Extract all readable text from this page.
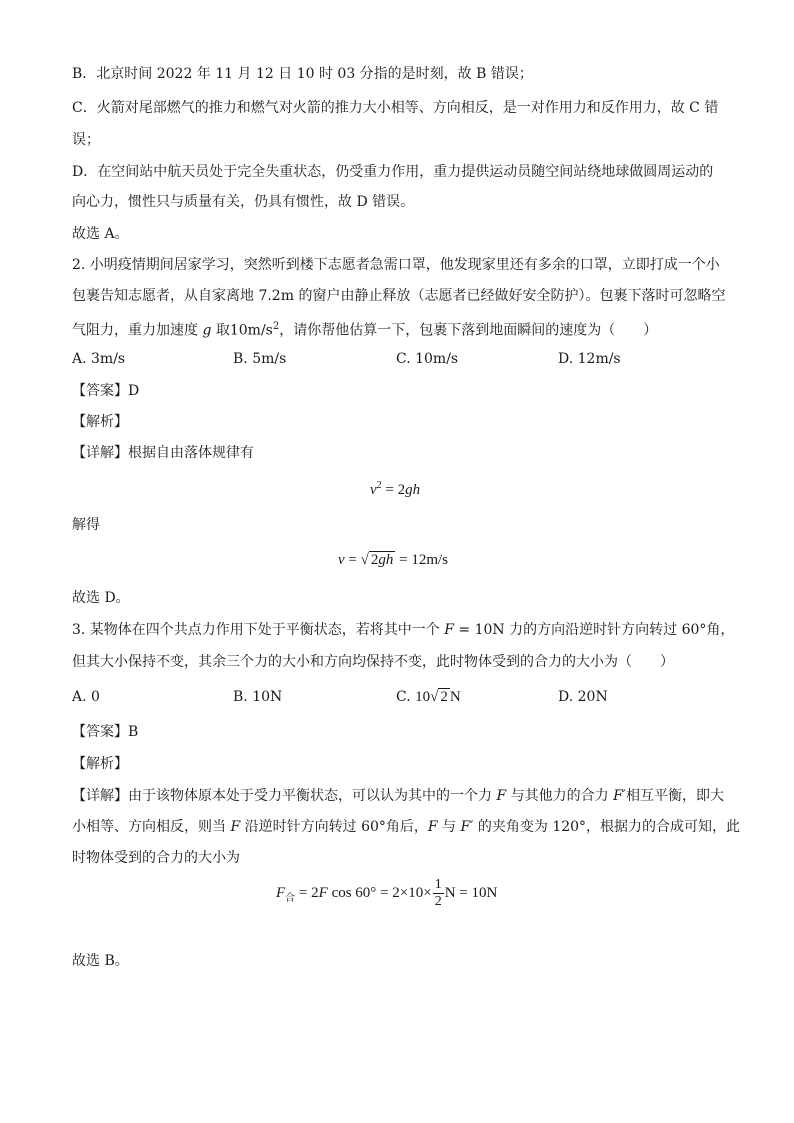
B．北京时间 2022 年 11 月 12 日 10 时 03 分指的是时刻，故 B 错误；
C．火箭对尾部燃气的推力和燃气对火箭的推力大小相等、方向相反，是一对作用力和反作用力，故 C 错
误；
D．在空间站中航天员处于完全失重状态，仍受重力作用，重力提供运动员随空间站绕地球做圆周运动的
向心力，惯性只与质量有关，仍具有惯性，故 D 错误。
故选 A。
2. 小明疫情期间居家学习，突然听到楼下志愿者急需口罩，他发现家里还有多余的口罩，立即打成一个小
包裹告知志愿者，从自家离地 7.2m 的窗户由静止释放（志愿者已经做好安全防护）。包裹下落时可忽略空
气阻力，重力加速度 g 取$10m/s^2$，请你帮他估算一下，包裹下落到地面瞬间的速度为（　　）
A. 3m/s	B. 5m/s	C. 10m/s	D. 12m/s
【答案】D
【解析】
【详解】根据自由落体规律有
$v^2 = 2gh$
解得
v = √ 2gh = 12m/s
故选 D。
3. 某物体在四个共点力作用下处于平衡状态，若将其中一个 F = 10N 力的方向沿逆时针方向转过 60°角，
但其大小保持不变，其余三个力的大小和方向均保持不变，此时物体受到的合力的大小为（　　）
A. 0	B. 10N	C. 10√ 2 N	D. 20N
【答案】B
【解析】
【详解】由于该物体原本处于受力平衡状态，可以认为其中的一个力 F 与其他力的合力 F′相互平衡，即大
小相等、方向相反，则当 F 沿逆时针方向转过 60°角后，F 与 F′ 的夹角变为 120°，根据力的合成可知，此
时物体受到的合力的大小为
$F_合 = 2F$ $\cos 60^\circ = 2\times 10\times \frac{1}{2}$ N = 10N
故选 B。
